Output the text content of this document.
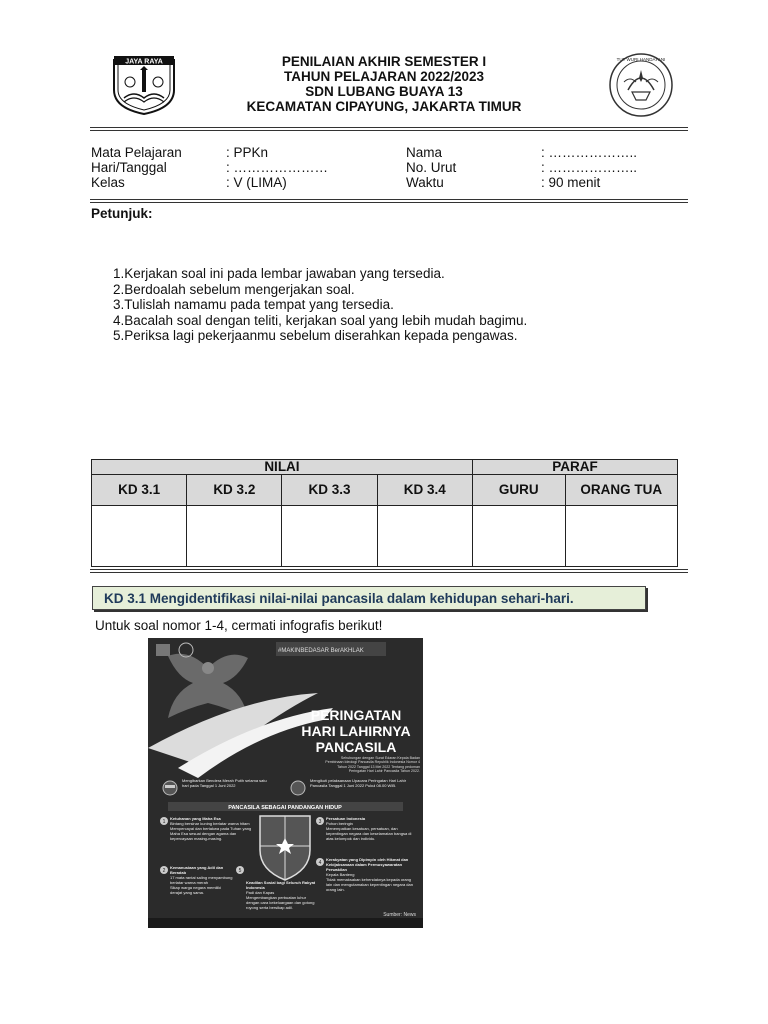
JAYA RAYA	TUT WURI HANDAYANI
PENILAIAN AKHIR SEMESTER I
TAHUN PELAJARAN 2022/2023
SDN LUBANG BUAYA 13
KECAMATAN CIPAYUNG, JAKARTA TIMUR
Mata Pelajaran	: PPKn
Hari/Tanggal	: …………………
Kelas	: V (LIMA)
Nama	: ………………..
No. Urut	: ………………..
Waktu	: 90 menit
Petunjuk:
1.Kerjakan soal ini pada lembar jawaban yang tersedia.
2.Berdoalah sebelum mengerjakan soal.
3.Tulislah namamu pada tempat yang tersedia.
4.Bacalah soal dengan teliti, kerjakan soal yang lebih mudah bagimu.
5.Periksa lagi pekerjaanmu sebelum diserahkan kepada pengawas.
NILAI				PARAF	
KD 3.1	KD 3.2	KD 3.3	KD 3.4	GURU	ORANG TUA

KD 3.1 Mengidentifikasi nilai-nilai pancasila dalam kehidupan sehari-hari.
Untuk soal nomor 1-4, cermati infografis berikut!
#MAKINBEDASAR BerAKHLAK
PERINGATAN
HARI LAHIRNYA
PANCASILA
Sehubungan dengan Surat Edaran Kepala Badan Pembinaan Ideologi Pancasila Republik Indonesia Nomor 4 Tahun 2022 Tanggal 13 Mei 2022 Tentang pedoman Peringatan Hari Lahir Pancasila Tahun 2022.
Mengibarkan Bendera Merah Putih selama satu hari pada Tanggal 1 Juni 2022
Mengikuti pelaksanaan Upacara Peringatan Hari Lahir Pancasila Tanggal 1 Juni 2022 Pukul 08.00 WIB.
PANCASILA SEBAGAI PANDANGAN HIDUP
1
Ketuhanan yang Maha Esa
Bintang bersinar kuning berlatar warna hitam
Mempercayai dan bertakwa pada Tuhan yang Maha Esa sesuai dengan agama dan kepercayaan masing-masing.
2
Kemanusiaan yang Adil dan Beradab
17 mata rantai saling menyambung berlatar warna merah
Sikap warga negara memiliki derajat yang sama.
5
Keadilan Sosial bagi Seluruh Rakyat Indonesia
Padi dan Kapas
Mengembangkan perbuatan luhur dengan cara kekeluargaan dan gotong royong serta bersikap adil.
3
Persatuan Indonesia
Pohon beringin
Menempatkan kesatuan, persatuan, dan kepentingan negara dan keselamatan bangsa di atas kelompok dan individu.
4
Kerakyatan yang Dipimpin oleh Hikmat dan Kebijaksanaan dalam Permusyawaratan Perwakilan
Kepala Banteng
Tidak memaksakan kehendaknya kepada orang lain dan mengutamakan kepentingan negara dan orang lain.
Sumber: News
